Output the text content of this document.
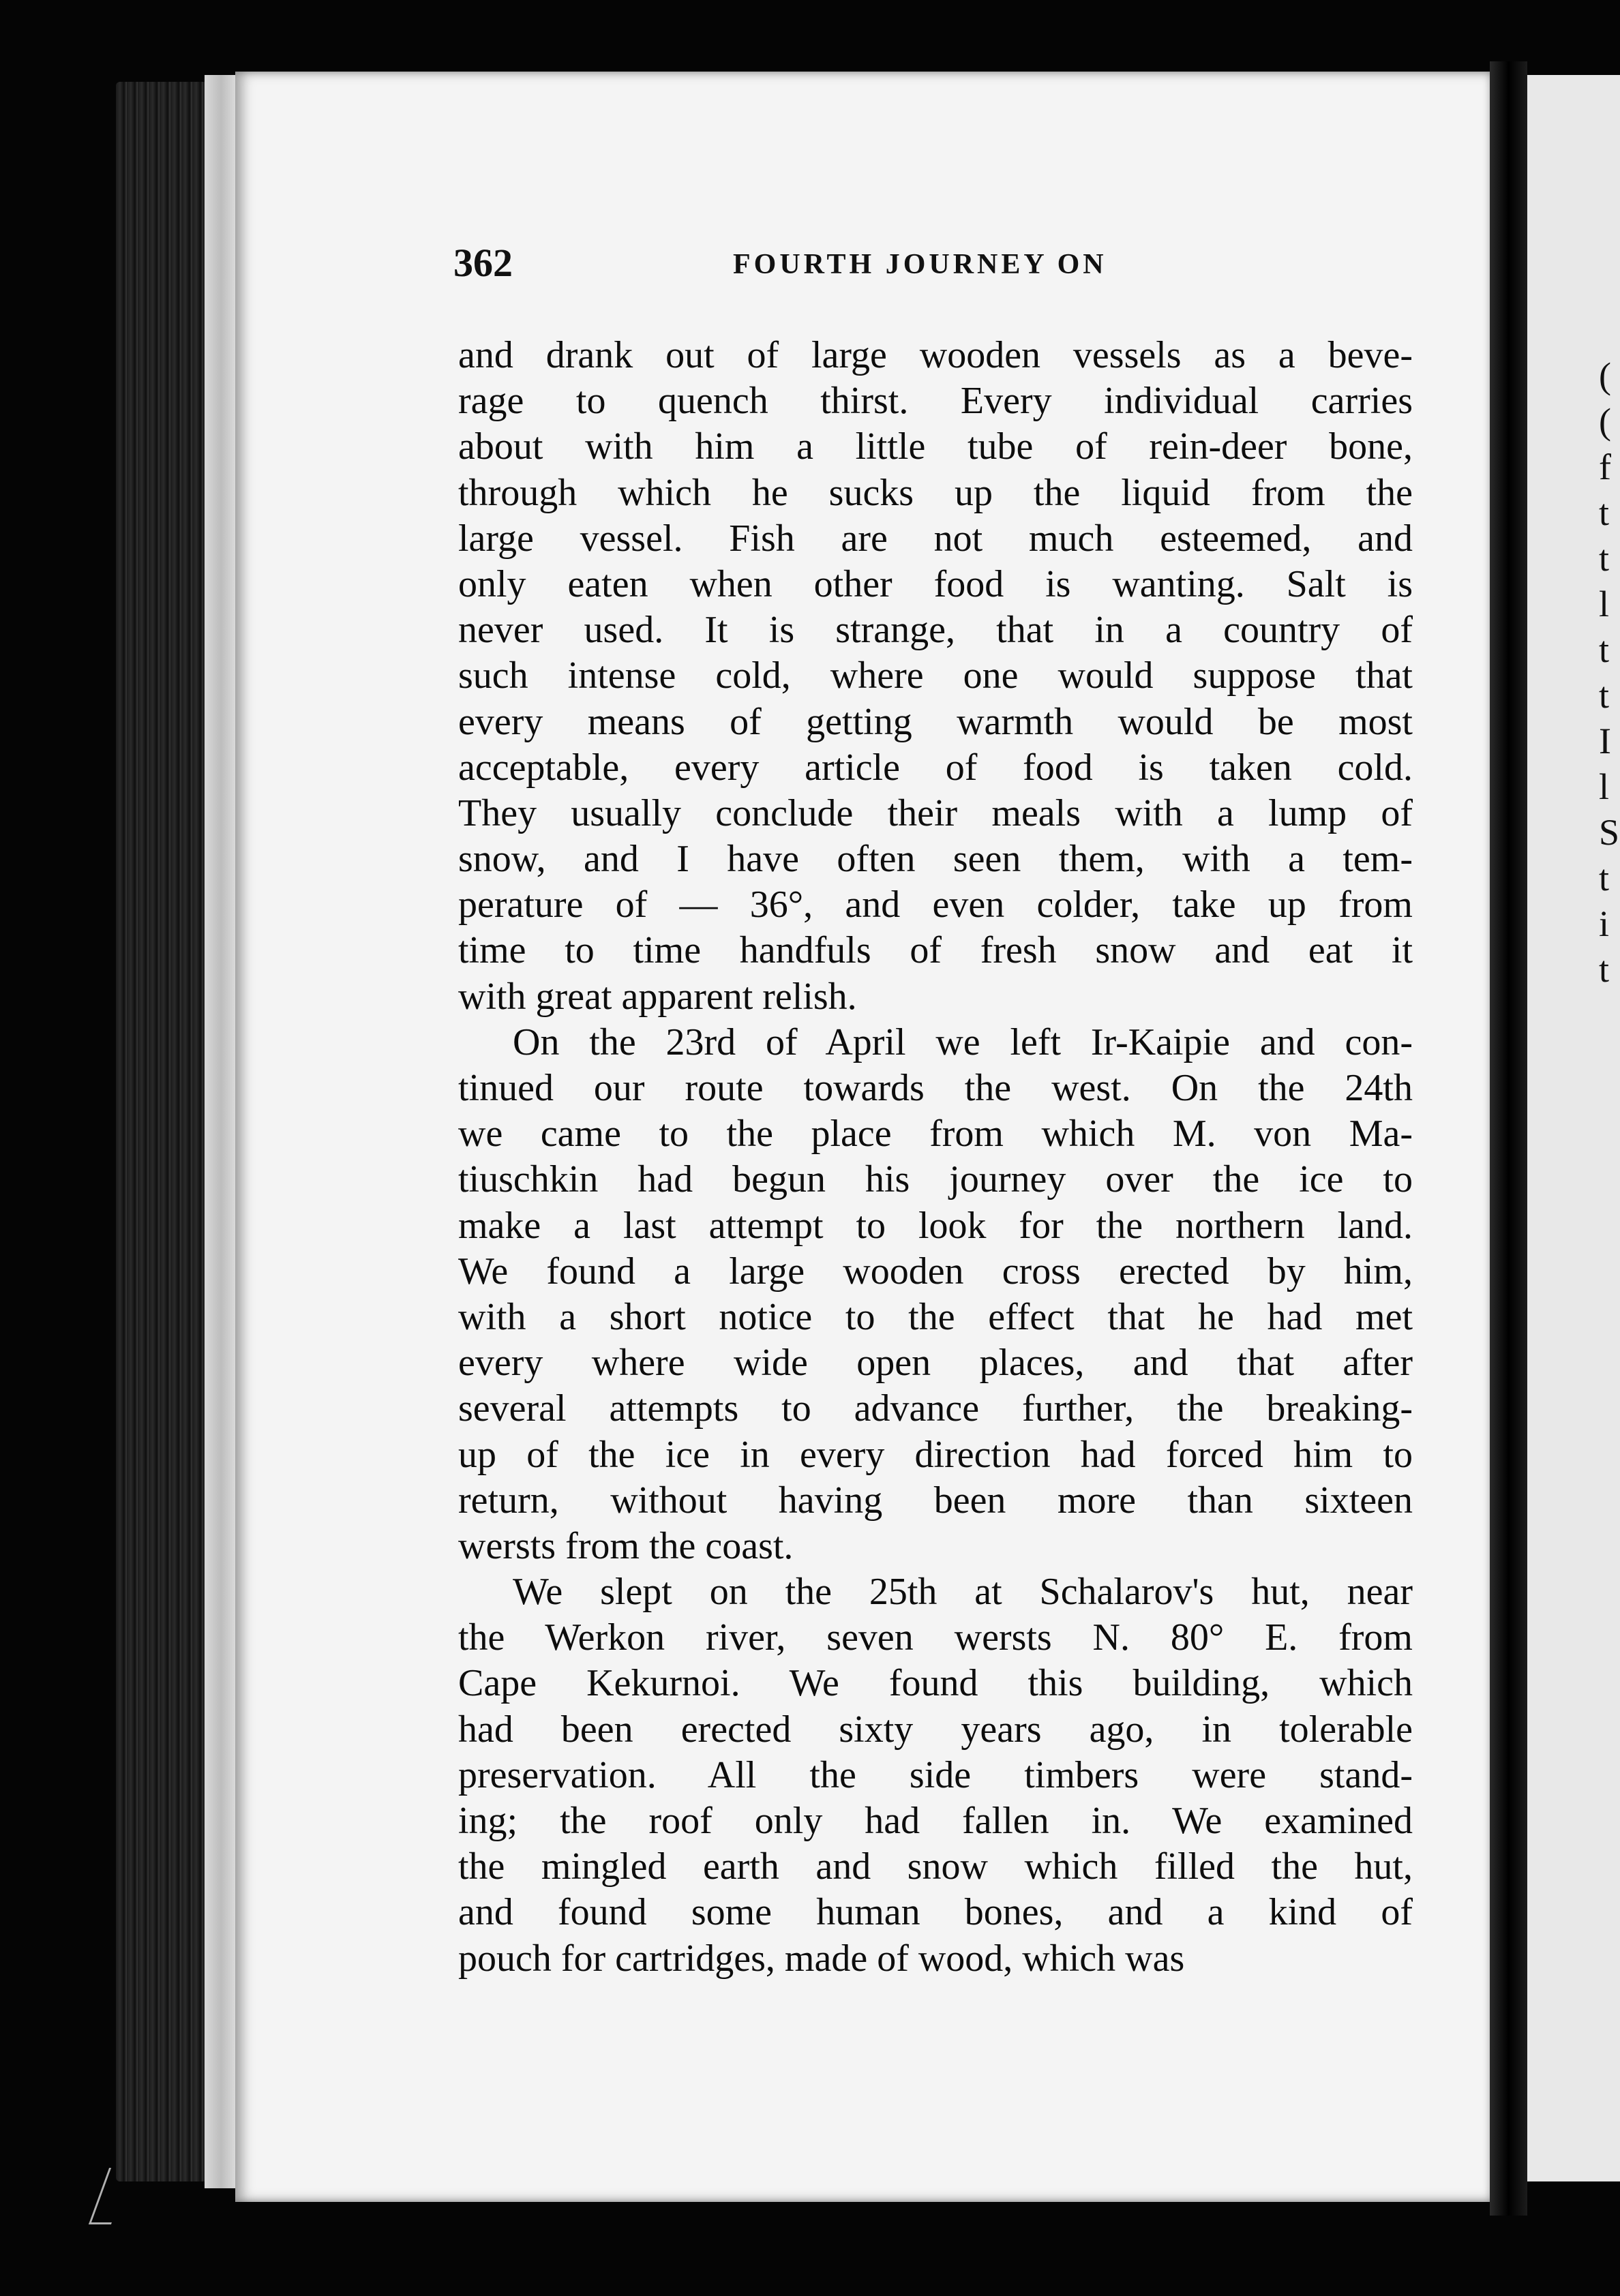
(
(
f
t
t
l
t
t
I
l
S
t
i
t
362	FOURTH JOURNEY ON
and drank out of large wooden vessels as a beve-
rage to quench thirst. Every individual carries
about with him a little tube of rein-deer bone,
through which he sucks up the liquid from the
large vessel. Fish are not much esteemed, and
only eaten when other food is wanting. Salt is
never used. It is strange, that in a country of
such intense cold, where one would suppose that
every means of getting warmth would be most
acceptable, every article of food is taken cold.
They usually conclude their meals with a lump of
snow, and I have often seen them, with a tem-
perature of — 36°, and even colder, take up from
time to time handfuls of fresh snow and eat it
with great apparent relish.
On the 23rd of April we left Ir-Kaipie and con-
tinued our route towards the west. On the 24th
we came to the place from which M. von Ma-
tiuschkin had begun his journey over the ice to
make a last attempt to look for the northern land.
We found a large wooden cross erected by him,
with a short notice to the effect that he had met
every where wide open places, and that after
several attempts to advance further, the breaking-
up of the ice in every direction had forced him to
return, without having been more than sixteen
wersts from the coast.
We slept on the 25th at Schalarov's hut, near
the Werkon river, seven wersts N. 80° E. from
Cape Kekurnoi. We found this building, which
had been erected sixty years ago, in tolerable
preservation. All the side timbers were stand-
ing; the roof only had fallen in. We examined
the mingled earth and snow which filled the hut,
and found some human bones, and a kind of
pouch for cartridges, made of wood, which was
